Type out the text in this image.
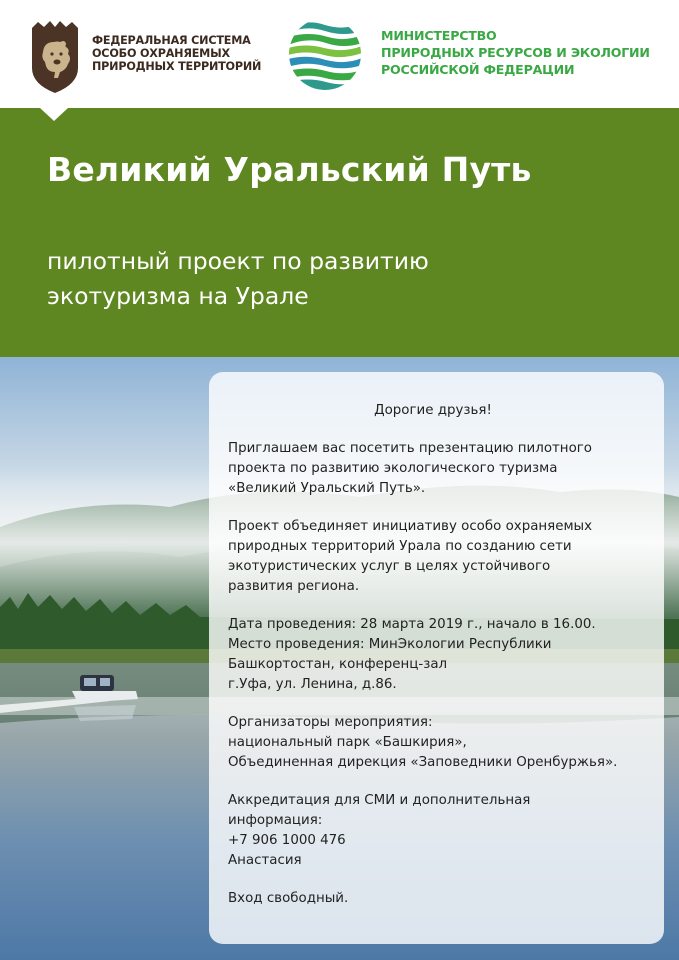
ФЕДЕРАЛЬНАЯ СИСТЕМА
ОСОБО ОХРАНЯЕМЫХ
ПРИРОДНЫХ ТЕРРИТОРИЙ
МИНИСТЕРСТВО
ПРИРОДНЫХ РЕСУРСОВ И ЭКОЛОГИИ
РОССИЙСКОЙ ФЕДЕРАЦИИ
Великий Уральский Путь
пилотный проект по развитию
экотуризма на Урале

Дорогие друзья!

Приглашаем вас посетить презентацию пилотного
проекта по развитию экологического туризма
«Великий Уральский Путь».

Проект объединяет инициативу особо охраняемых
природных территорий Урала по созданию сети
экотуристических услуг в целях устойчивого
развития региона.

Дата проведения: 28 марта 2019 г., начало в 16.00.
Место проведения: МинЭкологии Республики
Башкортостан, конференц-зал
г.Уфа, ул. Ленина, д.86.

Организаторы мероприятия:
национальный парк «Башкирия»,
Объединенная дирекция «Заповедники Оренбуржья».

Аккредитация для СМИ и дополнительная
информация:
+7 906 1000 476
Анастасия

Вход свободный.
